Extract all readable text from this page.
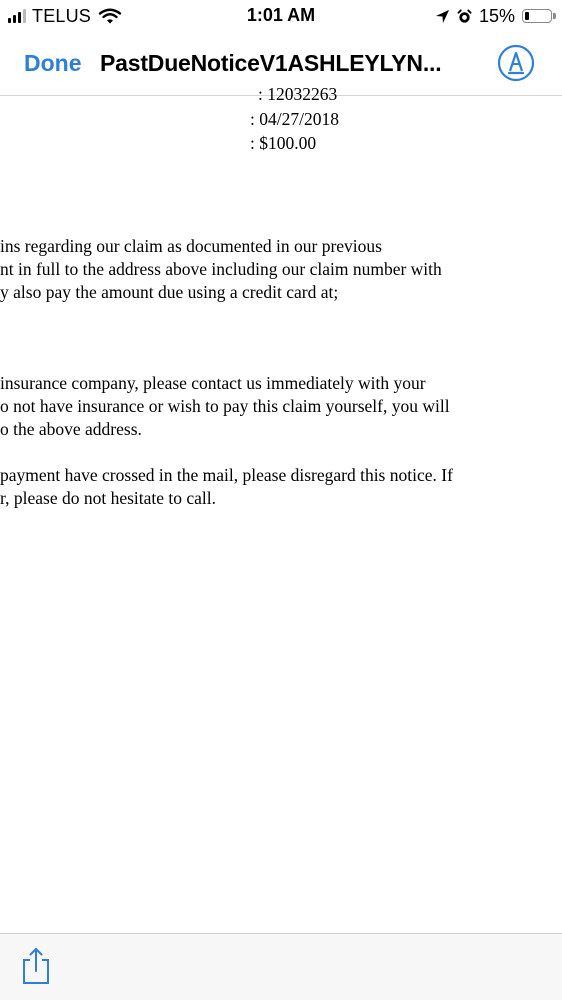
TELUS	1:01 AM	15%
Done PastDueNoticeV1ASHLEYLYN...
: 12032263
: 04/27/2018
: $100.00
ins regarding our claim as documented in our previous
nt in full to the address above including our claim number with
y also pay the amount due using a credit card at;
insurance company, please contact us immediately with your
o not have insurance or wish to pay this claim yourself, you will
o the above address.
payment have crossed in the mail, please disregard this notice. If
r, please do not hesitate to call.
